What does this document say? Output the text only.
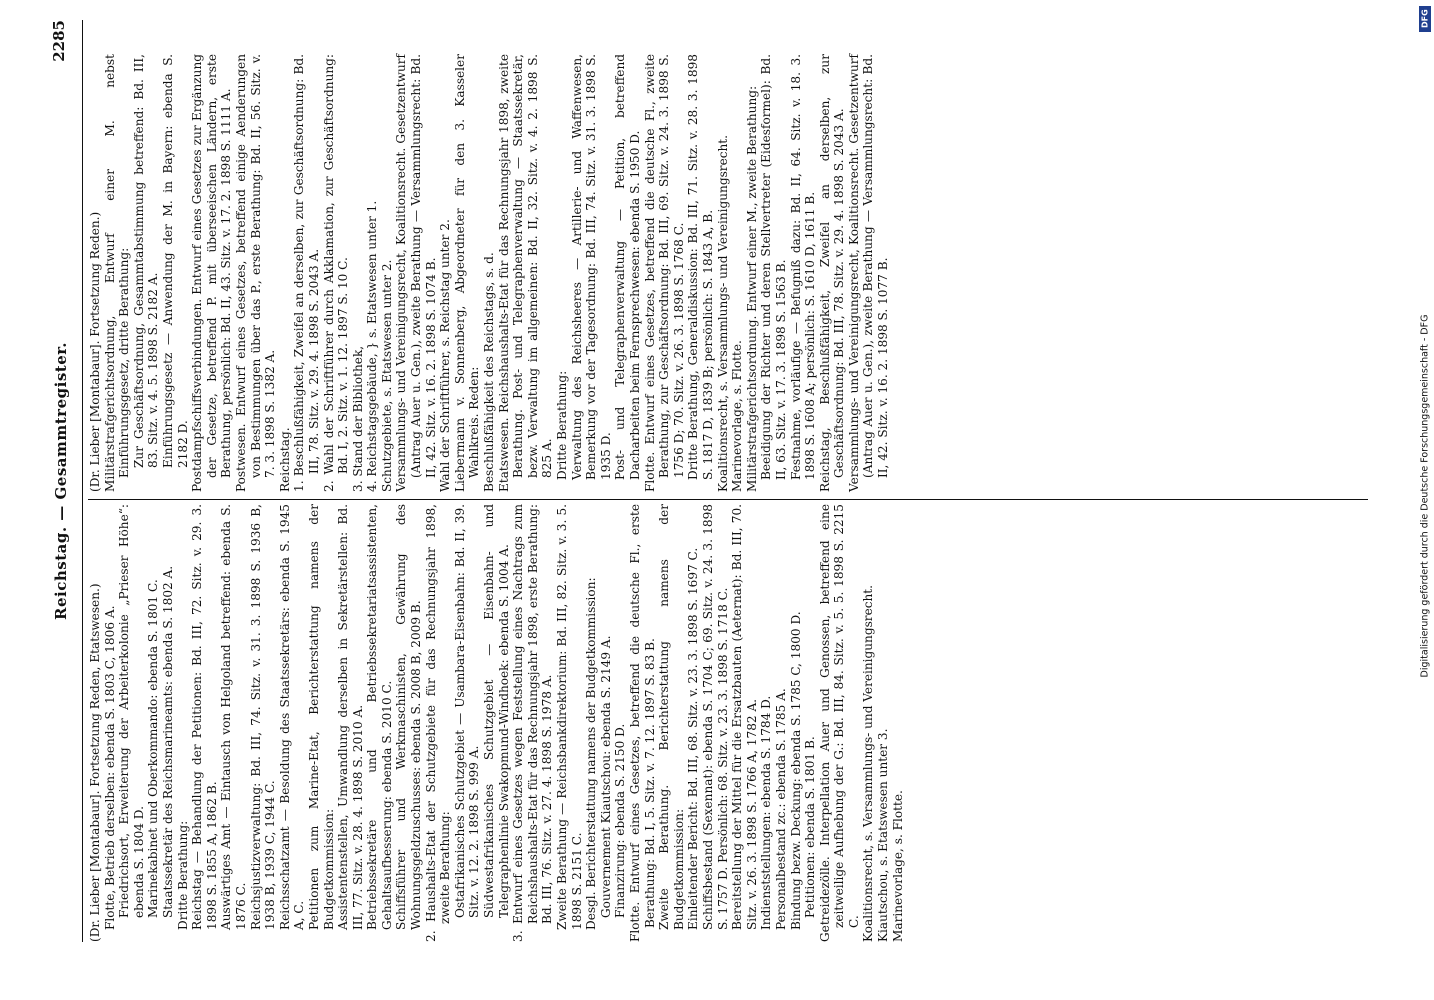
Reichstag. — Gesammtregister.
2285

(Dr. Lieber [Montabaur]. Fortsetzung Reden, Etatswesen.) Flotte, Betrieb derselben: ebenda S. 1803 C, 1806 A. Friedrichsort, Erweiterung der Arbeiterkolonie „Prieser Höhe“: ebenda S. 1804 D. Marinekabinet und Oberkommando: ebenda S. 1801 C. Staatssekretär des Reichsmarineamts: ebenda S. 1802 A. Dritte Berathung: Reichstag — Behandlung der Petitionen: Bd. III, 72. Sitz. v. 29. 3. 1898 S. 1855 A, 1862 B. Auswärtiges Amt — Eintausch von Helgoland betreffend: ebenda S. 1876 C. Reichsjustizverwaltung: Bd. III, 74. Sitz. v. 31. 3. 1898 S. 1936 B, 1938 B, 1939 C, 1944 C. Reichsschatzamt — Besoldung des Staatssekretärs: ebenda S. 1945 A, C. Petitionen zum Marine-Etat, Berichterstattung namens der Budgetkommission: Assistentenstellen, Umwandlung derselben in Sekretärstellen: Bd. III, 77. Sitz. v. 28. 4. 1898 S. 2010 A. Betriebssekretäre und Betriebssekretariatsassistenten, Gehaltsaufbesserung: ebenda S. 2010 C. Schiffsführer und Werkmaschinisten, Gewährung des Wohnungsgeldzuschusses: ebenda S. 2008 B, 2009 B. 2. Haushalts-Etat der Schutzgebiete für das Rechnungsjahr 1898, zweite Berathung: Ostafrikanisches Schutzgebiet — Usambara-Eisenbahn: Bd. II, 39. Sitz. v. 12. 2. 1898 S. 999 A. Südwestafrikanisches Schutzgebiet — Eisenbahn- und Telegraphenlinie Swakopmund-Windhoek: ebenda S. 1004 A. 3. Entwurf eines Gesetzes wegen Feststellung eines Nachtrags zum Reichshaushalts-Etat für das Rechnungsjahr 1898, erste Berathung: Bd. III, 76. Sitz. v. 27. 4. 1898 S. 1978 A. Zweite Berathung — Reichsbankdirektorium: Bd. III, 82. Sitz. v. 3. 5. 1898 S. 2151 C. Desgl. Berichterstattung namens der Budgetkommission: Gouvernement Kiautschou: ebenda S. 2149 A. Finanzirung: ebenda S. 2150 D. Flotte. Entwurf eines Gesetzes, betreffend die deutsche Fl., erste Berathung: Bd. I, 5. Sitz. v. 7. 12. 1897 S. 83 B. Zweite Berathung. Berichterstattung namens der Budgetkommission: Einleitender Bericht: Bd. III, 68. Sitz. v. 23. 3. 1898 S. 1697 C. Schiffsbestand (Sexennat): ebenda S. 1704 C; 69. Sitz. v. 24. 3. 1898 S. 1757 D. Persönlich: 68. Sitz. v. 23. 3. 1898 S. 1718 C. Bereitstellung der Mittel für die Ersatzbauten (Aeternat): Bd. III, 70. Sitz. v. 26. 3. 1898 S. 1766 A, 1782 A. Indienststellungen: ebenda S. 1784 D. Personalbestand zc.: ebenda S. 1785 A. Bindung bezw. Deckung: ebenda S. 1785 C, 1800 D. Petitionen: ebenda S. 1801 B. Getreidezölle. Interpellation Auer und Genossen, betreffend eine zeitweilige Aufhebung der G.: Bd. III, 84. Sitz. v. 5. 5. 1898 S. 2215 C. Koalitionsrecht, s. Versammlungs- und Vereinigungsrecht. Kiautschou, s. Etatswesen unter 3. Marinevorlage, s. Flotte.

(Dr. Lieber [Montabaur]. Fortsetzung Reden.) Militärstrafgerichtsordnung, Entwurf einer M. nebst Einführungsgesetz, dritte Berathung: Zur Geschäftsordnung, Gesammtabstimmung betreffend: Bd. III, 83. Sitz. v. 4. 5. 1898 S. 2182 A. Einführungsgesetz — Anwendung der M. in Bayern: ebenda S. 2182 D. Postdampfschiffsverbindungen. Entwurf eines Gesetzes zur Ergänzung der Gesetze, betreffend P. mit überseeischen Ländern, erste Berathung, persönlich: Bd. II, 43. Sitz. v. 17. 2. 1898 S. 1111 A. Postwesen. Entwurf eines Gesetzes, betreffend einige Aenderungen von Bestimmungen über das P., erste Berathung: Bd. II, 56. Sitz. v. 7. 3. 1898 S. 1382 A. Reichstag. 1. Beschlußfähigkeit, Zweifel an derselben, zur Geschäftsordnung: Bd. III, 78. Sitz. v. 29. 4. 1898 S. 2043 A. 2. Wahl der Schriftführer durch Akklamation, zur Geschäftsordnung: Bd. I, 2. Sitz. v. 1. 12. 1897 S. 10 C. 3. Stand der Bibliothek, 4. Reichstagsgebäude, } s. Etatswesen unter 1. Schutzgebiete, s. Etatswesen unter 2. Versammlungs- und Vereinigungsrecht, Koalitionsrecht. Gesetzentwurf (Antrag Auer u. Gen.), zweite Berathung — Versammlungsrecht: Bd. II, 42. Sitz. v. 16. 2. 1898 S. 1074 B. Wahl der Schriftführer, s. Reichstag unter 2. Liebermann v. Sonnenberg, Abgeordneter für den 3. Kasseler Wahlkreis. Reden: Beschlußfähigkeit des Reichstags, s. d. Etatswesen. Reichshaushalts-Etat für das Rechnungsjahr 1898, zweite Berathung. Post- und Telegraphenverwaltung — Staatssekretär, bezw. Verwaltung im allgemeinen: Bd. II, 32. Sitz. v. 4. 2. 1898 S. 825 A. Dritte Berathung: Verwaltung des Reichsheeres — Artillerie- und Waffenwesen, Bemerkung vor der Tagesordnung: Bd. III, 74. Sitz. v. 31. 3. 1898 S. 1935 D. Post- und Telegraphenverwaltung — Petition, betreffend Dacharbeiten beim Fernsprechwesen: ebenda S. 1950 D. Flotte. Entwurf eines Gesetzes, betreffend die deutsche Fl., zweite Berathung, zur Geschäftsordnung: Bd. III, 69. Sitz. v. 24. 3. 1898 S. 1756 D; 70. Sitz. v. 26. 3. 1898 S. 1768 C. Dritte Berathung, Generaldiskussion: Bd. III, 71. Sitz. v. 28. 3. 1898 S. 1817 D, 1839 B; persönlich: S. 1843 A, B. Koalitionsrecht, s. Versammlungs- und Vereinigungsrecht. Marinevorlage, s. Flotte. Militärstrafgerichtsordnung. Entwurf einer M., zweite Berathung: Beeidigung der Richter und deren Stellvertreter (Eidesformel): Bd. II, 63. Sitz. v. 17. 3. 1898 S. 1563 B. Festnahme, vorläufige — Befugniß dazu: Bd. II, 64. Sitz. v. 18. 3. 1898 S. 1608 A; persönlich: S. 1610 D, 1611 B. Reichstag, Beschlußfähigkeit, Zweifel an derselben, zur Geschäftsordnung: Bd. III, 78. Sitz. v. 29. 4. 1898 S. 2043 A. Versammlungs- und Vereinigungsrecht, Koalitionsrecht. Gesetzentwurf (Antrag Auer u. Gen.), zweite Berathung — Versammlungsrecht: Bd. II, 42. Sitz. v. 16. 2. 1898 S. 1077 B.	Digitalisierung gefördert durch die Deutsche Forschungsgemeinschaft - DFG
DFG
